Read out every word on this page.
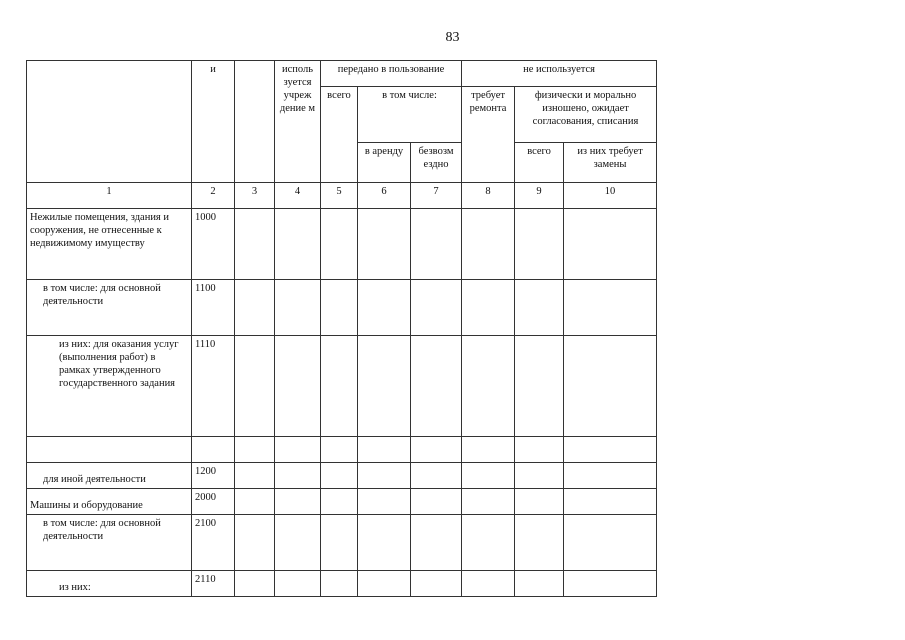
83
	и		исполь зуется учреж дение м	передано в пользование			не используется		
				всего	в том числе:		требует ремонта	физически и морально изношено, ожидает согласования, списания	
					в аренду	безвозм ездно		всего	из них требует замены
1	2	3	4	5	6	7	8	9	10
Нежилые помещения, здания и сооружения, не отнесенные к недвижимому имуществу	1000								
в том числе: для основной деятельности	1100								
из них: для оказания услуг (выполнения работ) в рамках утвержденного государственного задания	1110								

для иной деятельности	1200								
Машины и оборудование	2000								
в том числе: для основной деятельности	2100								
из них:	2110								
